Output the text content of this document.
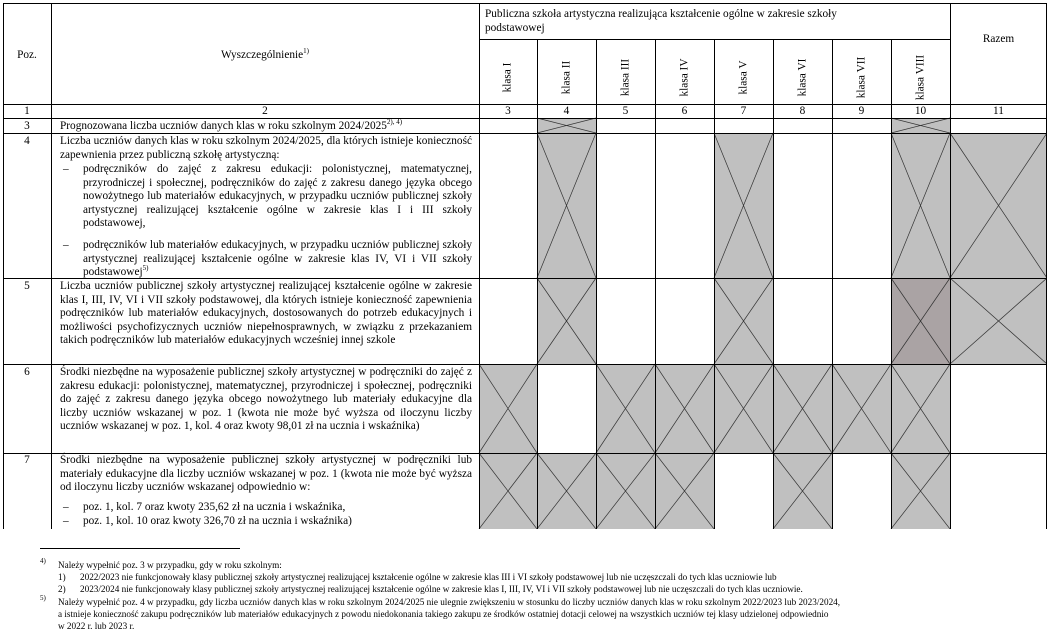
Poz.	Wyszczególnienie$^{1)}$
Publiczna szkoła artystyczna realizująca kształcenie ogólne w zakresie szkoły podstawowej
Razem
klasa I	klasa II	klasa III	klasa IV	klasa V	klasa VI	klasa VII	klasa VIII
1	2	3	4	5	6	7	8	9	10	11
3	Prognozowana liczba uczniów danych klas w roku szkolnym $2024/2025^{2), 4)}$
4	Liczba uczniów danych klas w roku szkolnym 2024/2025, dla których istnieje konieczność zapewnienia przez publiczną szkołę artystyczną:
– podręczników do zajęć z zakresu edukacji: polonistycznej, matematycznej, przyrodniczej i społecznej, podręczników do zajęć z zakresu danego języka obcego nowożytnego lub materiałów edukacyjnych, w przypadku uczniów publicznej szkoły artystycznej realizującej kształcenie ogólne w zakresie klas I i III szkoły podstawowej,
– podręczników lub materiałów edukacyjnych, w przypadku uczniów publicznej szkoły artystycznej realizującej kształcenie ogólne w zakresie klas IV, VI i VII szkoły podstawowej$^{5)}$
5	Liczba uczniów publicznej szkoły artystycznej realizującej kształcenie ogólne w zakresie klas I, III, IV, VI i VII szkoły podstawowej, dla których istnieje konieczność zapewnienia podręczników lub materiałów edukacyjnych, dostosowanych do potrzeb edukacyjnych i możliwości psychofizycznych uczniów niepełnosprawnych, w związku z przekazaniem takich podręczników lub materiałów edukacyjnych wcześniej innej szkole
6	Środki niezbędne na wyposażenie publicznej szkoły artystycznej w podręczniki do zajęć z zakresu edukacji: polonistycznej, matematycznej, przyrodniczej i społecznej, podręczniki do zajęć z zakresu danego języka obcego nowożytnego lub materiały edukacyjne dla liczby uczniów wskazanej w poz. 1 (kwota nie może być wyższa od iloczynu liczby uczniów wskazanej w poz. 1, kol. 4 oraz kwoty 98,01 zł na ucznia i wskaźnika)
7	Środki niezbędne na wyposażenie publicznej szkoły artystycznej w podręczniki lub materiały edukacyjne dla liczby uczniów wskazanej w poz. 1 (kwota nie może być wyższa od iloczynu liczby uczniów wskazanej odpowiednio w:
– poz. 1, kol. 7 oraz kwoty 235,62 zł na ucznia i wskaźnika,
– poz. 1, kol. 10 oraz kwoty 326,70 zł na ucznia i wskaźnika)
4) Należy wypełnić poz. 3 w przypadku, gdy w roku szkolnym:
1) 2022/2023 nie funkcjonowały klasy publicznej szkoły artystycznej realizującej kształcenie ogólne w zakresie klas III i VI szkoły podstawowej lub nie uczęszczali do tych klas uczniowie lub
2) 2023/2024 nie funkcjonowały klasy publicznej szkoły artystycznej realizującej kształcenie ogólne w zakresie klas I, III, IV, VI i VII szkoły podstawowej lub nie uczęszczali do tych klas uczniowie.
5) Należy wypełnić poz. 4 w przypadku, gdy liczba uczniów danych klas w roku szkolnym 2024/2025 nie ulegnie zwiększeniu w stosunku do liczby uczniów danych klas w roku szkolnym 2022/2023 lub 2023/2024,
a istnieje konieczność zakupu podręczników lub materiałów edukacyjnych z powodu niedokonania takiego zakupu ze środków ostatniej dotacji celowej na wszystkich uczniów tej klasy udzielonej odpowiednio
w 2022 r. lub 2023 r.
